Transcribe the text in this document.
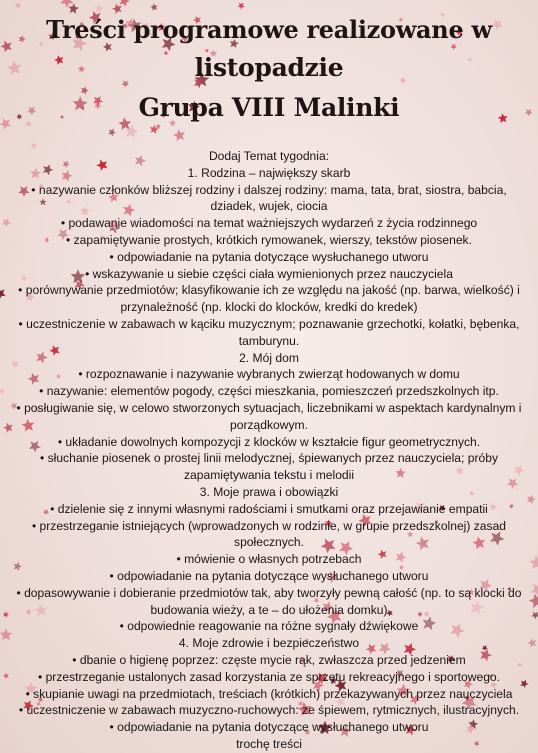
Treści programowe realizowane w
listopadzie
Grupa VIII Malinki
Dodaj Temat tygodnia:
1. Rodzina – największy skarb
• nazywanie członków bliższej rodziny i dalszej rodziny: mama, tata, brat, siostra, babcia, dziadek, wujek, ciocia
• podawanie wiadomości na temat ważniejszych wydarzeń z życia rodzinnego
• zapamiętywanie prostych, krótkich rymowanek, wierszy, tekstów piosenek.
• odpowiadanie na pytania dotyczące wysłuchanego utworu
• wskazywanie u siebie części ciała wymienionych przez nauczyciela
• porównywanie przedmiotów; klasyfikowanie ich ze względu na jakość (np. barwa, wielkość) i przynależność (np. klocki do klocków, kredki do kredek)
• uczestniczenie w zabawach w kąciku muzycznym; poznawanie grzechotki, kołatki, bębenka, tamburynu.
2. Mój dom
• rozpoznawanie i nazywanie wybranych zwierząt hodowanych w domu
• nazywanie: elementów pogody, części mieszkania, pomieszczeń przedszkolnych itp.
• posługiwanie się, w celowo stworzonych sytuacjach, liczebnikami w aspektach kardynalnym i porządkowym.
• układanie dowolnych kompozycji z klocków w kształcie figur geometrycznych.
• słuchanie piosenek o prostej linii melodycznej, śpiewanych przez nauczyciela; próby zapamiętywania tekstu i melodii
3. Moje prawa i obowiązki
• dzielenie się z innymi własnymi radościami i smutkami oraz przejawianie empatii
• przestrzeganie istniejących (wprowadzonych w rodzinie, w grupie przedszkolnej) zasad społecznych.
• mówienie o własnych potrzebach
• odpowiadanie na pytania dotyczące wysłuchanego utworu
• dopasowywanie i dobieranie przedmiotów tak, aby tworzyły pewną całość (np. to są klocki do budowania wieży, a te – do ułożenia domku)
• odpowiednie reagowanie na różne sygnały dźwiękowe
4. Moje zdrowie i bezpieczeństwo
• dbanie o higienę poprzez: częste mycie rąk, zwłaszcza przed jedzeniem
• przestrzeganie ustalonych zasad korzystania ze sprzętu rekreacyjnego i sportowego.
• skupianie uwagi na przedmiotach, treściach (krótkich) przekazywanych przez nauczyciela
• uczestniczenie w zabawach muzyczno-ruchowych: ze śpiewem, rytmicznych, ilustracyjnych.
• odpowiadanie na pytania dotyczące wysłuchanego utworu
trochę treści
